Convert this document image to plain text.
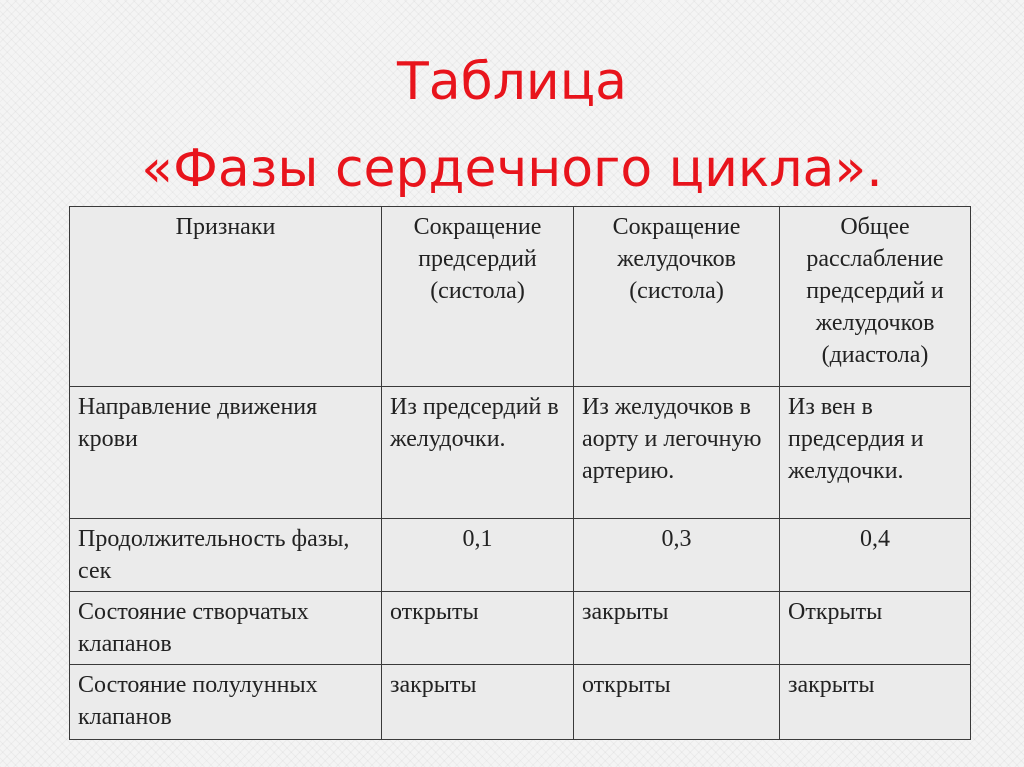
Таблица
«Фазы сердечного цикла».
Признаки	Сокращение предсердий (систола)	Сокращение желудочков (систола)	Общее расслабление предсердий и желудочков (диастола)
Направление движения крови	Из предсердий в желудочки.	Из желудочков в аорту и легочную артерию.	Из вен в предсердия и желудочки.
Продолжительность фазы, сек	0,1	0,3	0,4
Состояние створчатых клапанов	открыты	закрыты	Открыты
Состояние полулунных клапанов	закрыты	открыты	закрыты
